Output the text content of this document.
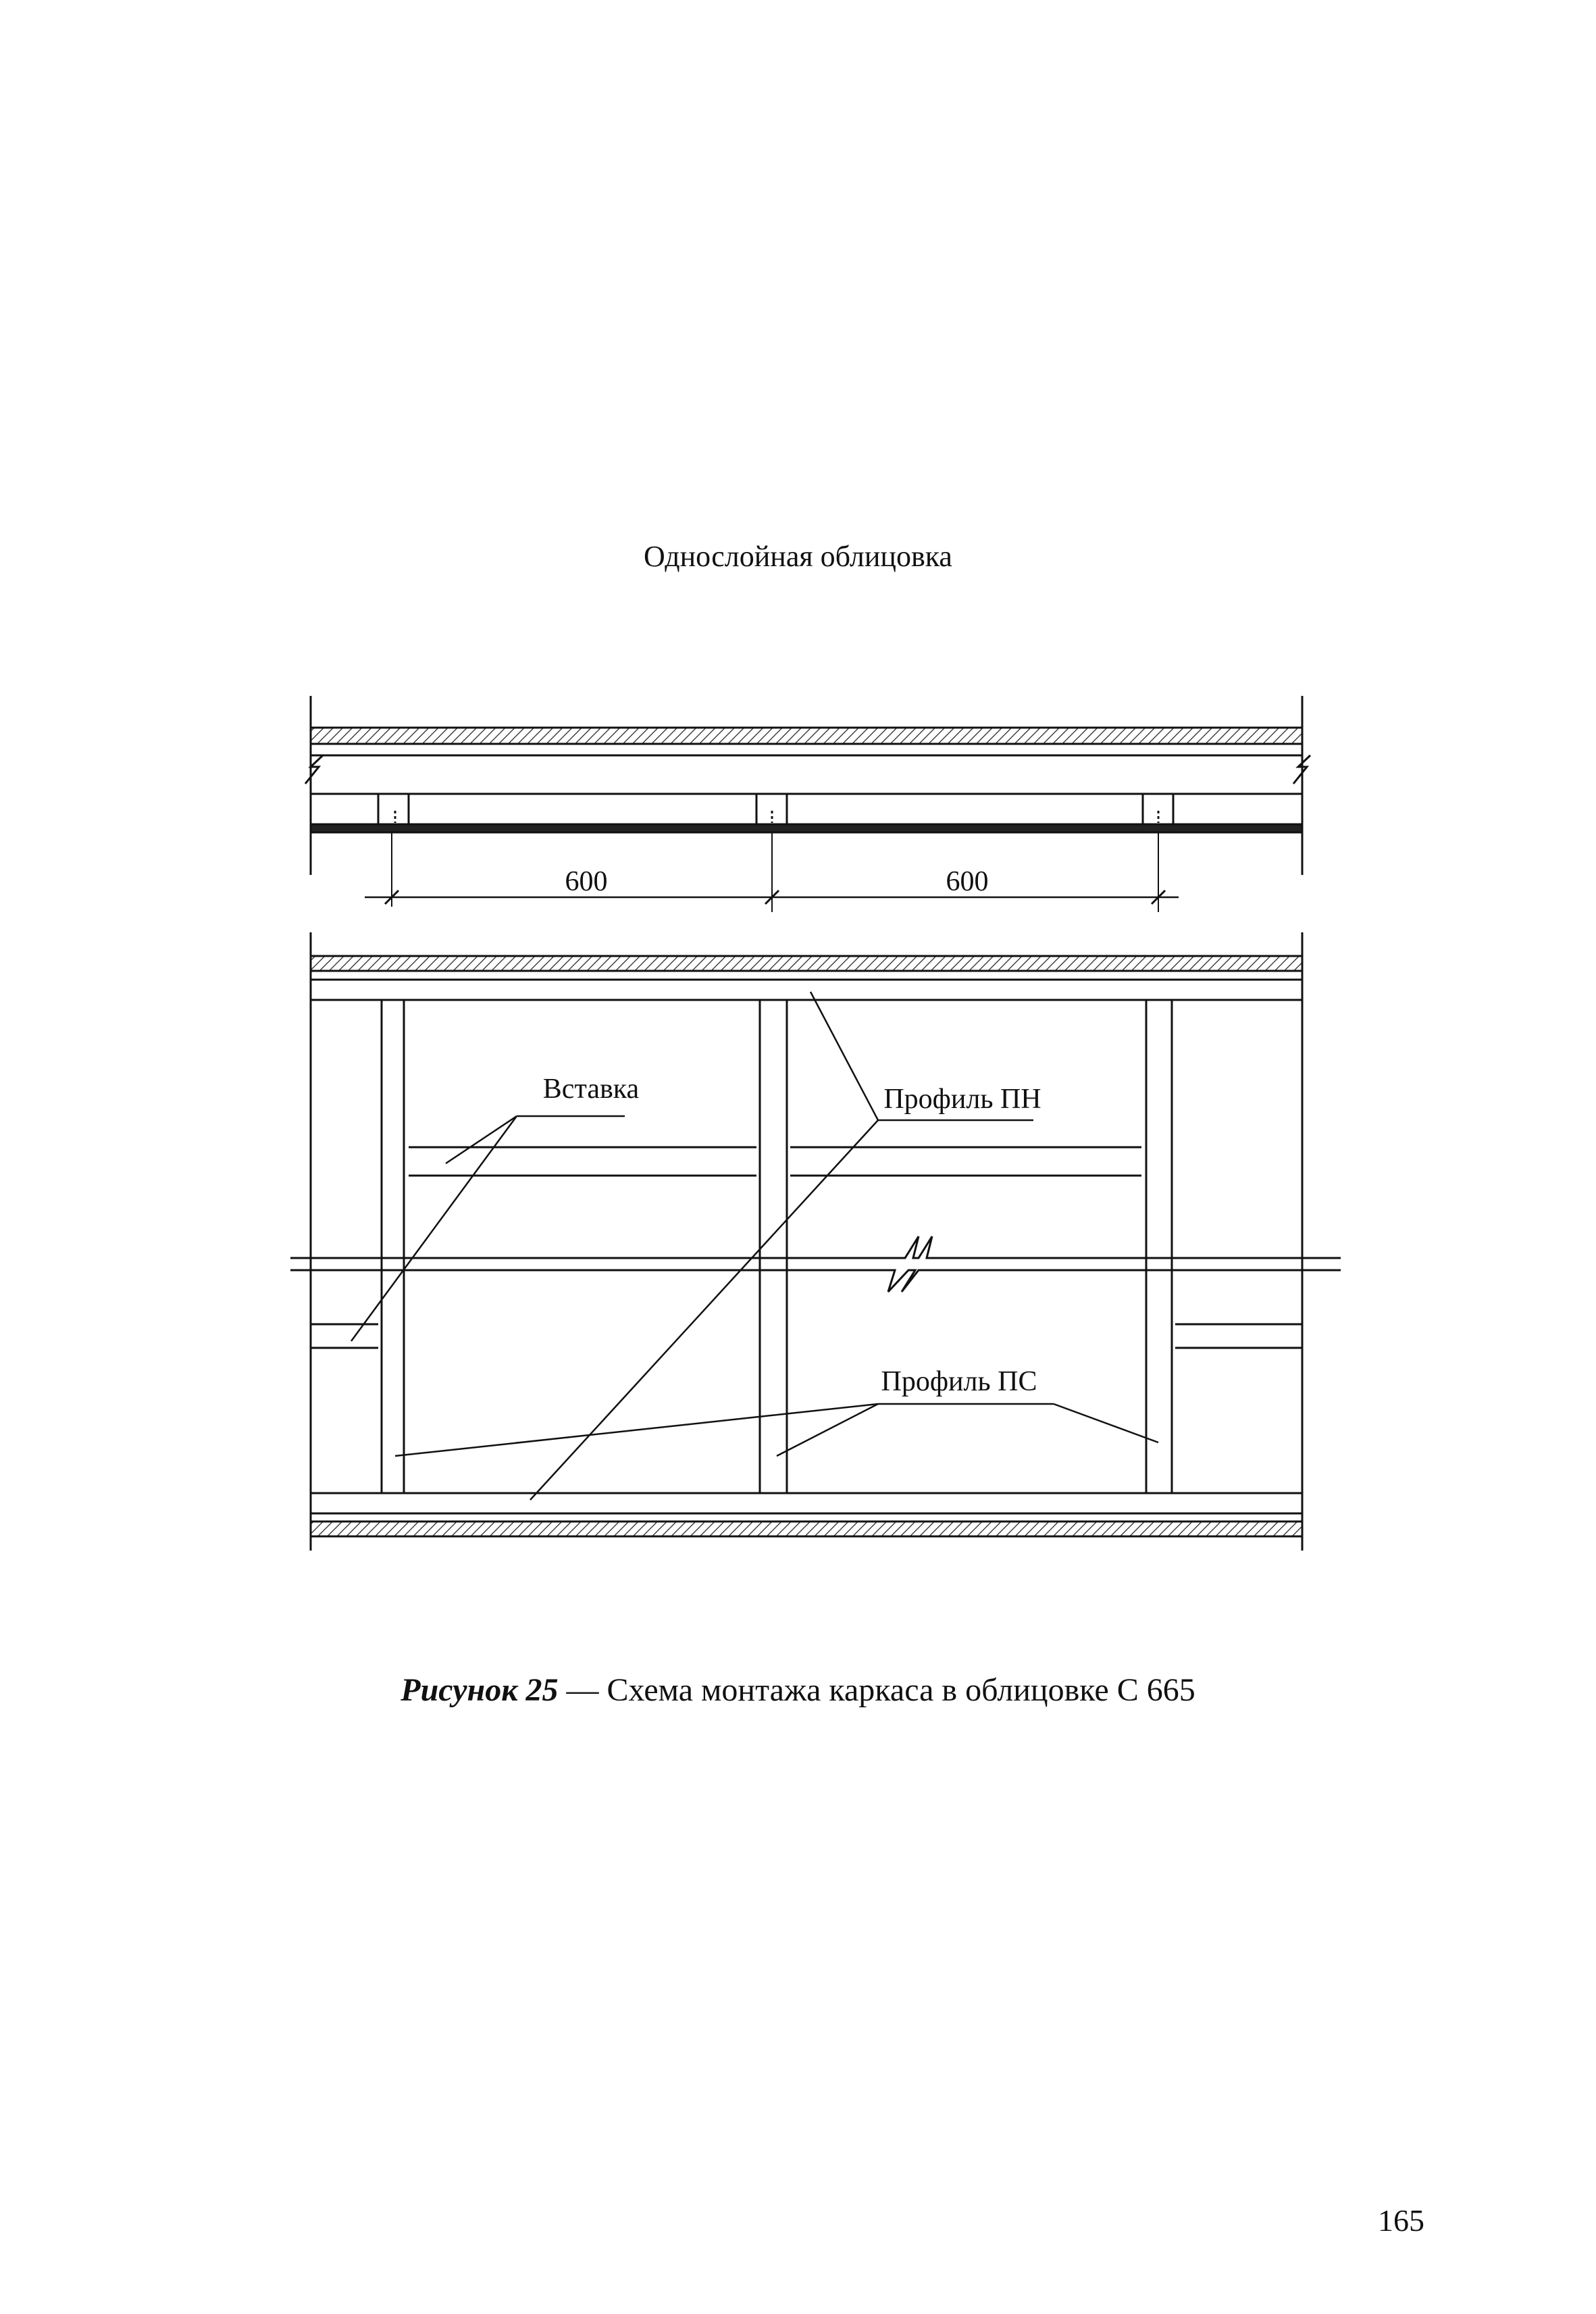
Однослойная облицовка
600	600
Вставка	Профиль ПН
Профиль ПС
Рисунок 25 — Схема монтажа каркаса в облицовке С 665
165
